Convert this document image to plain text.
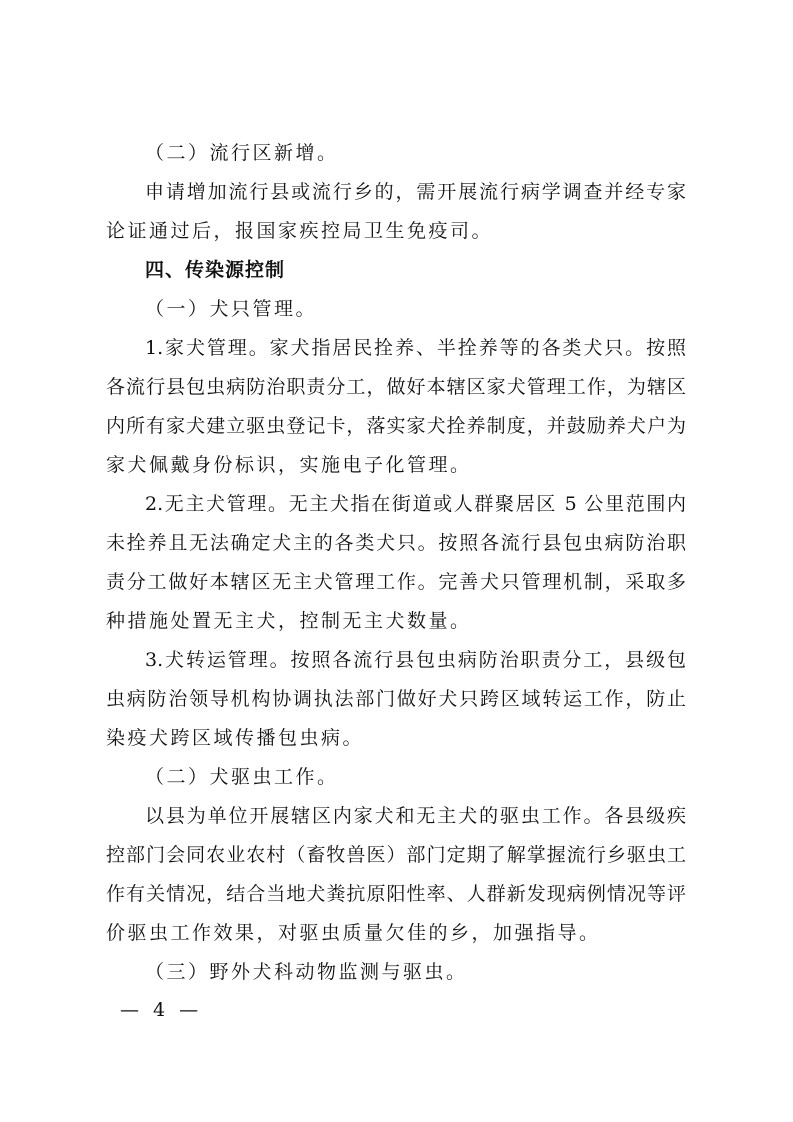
（二）流行区新增。
申请增加流行县或流行乡的，需开展流行病学调查并经专家
论证通过后，报国家疾控局卫生免疫司。
四、传染源控制
（一）犬只管理。
1.家犬管理。家犬指居民拴养、半拴养等的各类犬只。按照
各流行县包虫病防治职责分工，做好本辖区家犬管理工作，为辖区
内所有家犬建立驱虫登记卡，落实家犬拴养制度，并鼓励养犬户为
家犬佩戴身份标识，实施电子化管理。
2.无主犬管理。无主犬指在街道或人群聚居区 5 公里范围内
未拴养且无法确定犬主的各类犬只。按照各流行县包虫病防治职
责分工做好本辖区无主犬管理工作。完善犬只管理机制，采取多
种措施处置无主犬，控制无主犬数量。
3.犬转运管理。按照各流行县包虫病防治职责分工，县级包
虫病防治领导机构协调执法部门做好犬只跨区域转运工作，防止
染疫犬跨区域传播包虫病。
（二）犬驱虫工作。
以县为单位开展辖区内家犬和无主犬的驱虫工作。各县级疾
控部门会同农业农村（畜牧兽医）部门定期了解掌握流行乡驱虫工
作有关情况，结合当地犬粪抗原阳性率、人群新发现病例情况等评
价驱虫工作效果，对驱虫质量欠佳的乡，加强指导。
（三）野外犬科动物监测与驱虫。
— 4 —
